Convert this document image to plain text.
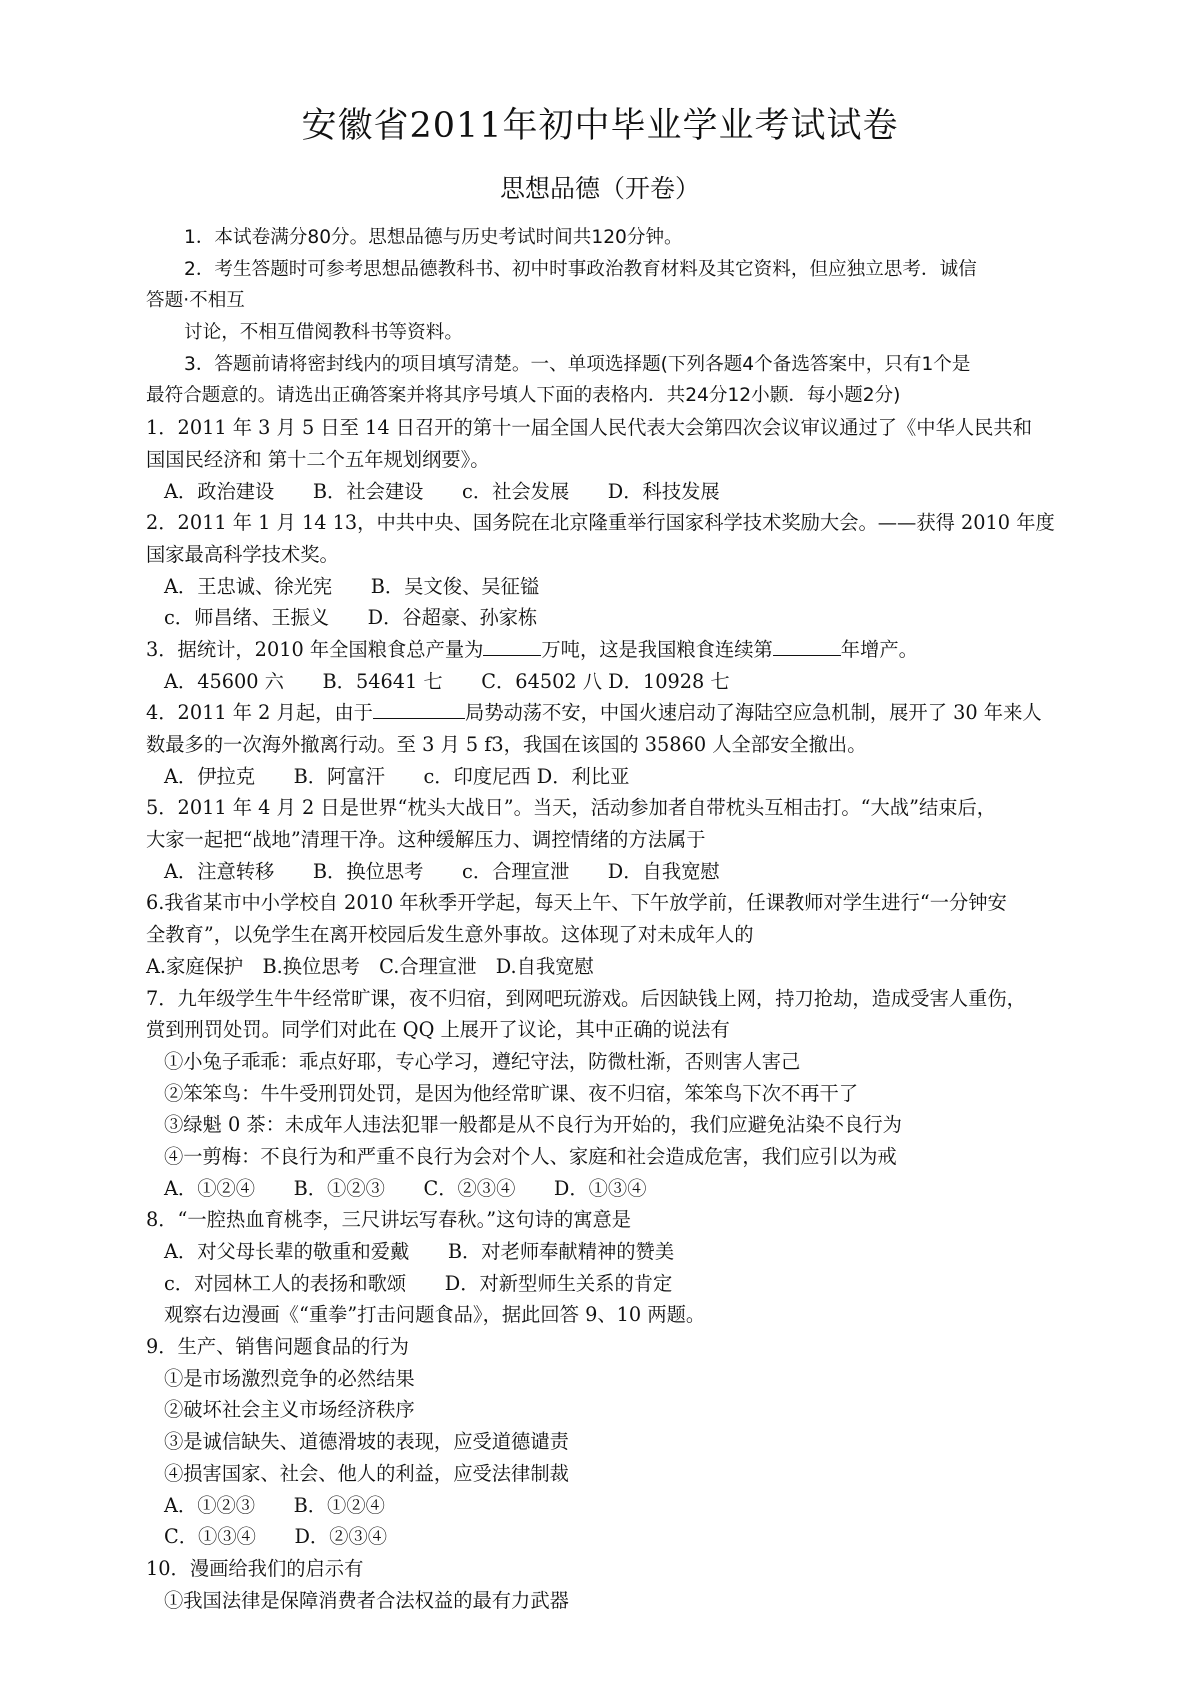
安徽省2011年初中毕业学业考试试卷
思想品德（开卷）
1．本试卷满分80分。思想品德与历史考试时间共120分钟。
2．考生答题时可参考思想品德教科书、初中时事政治教育材料及其它资料，但应独立思考．诚信
答题·不相互
讨论，不相互借阅教科书等资料。
3．答题前请将密封线内的项目填写清楚。一、单项选择题(下列各题4个备选答案中，只有1个是
最符合题意的。请选出正确答案并将其序号填人下面的表格内．共24分12小颢．每小题2分)
1．2011 年 3 月 5 日至 14 日召开的第十一届全国人民代表大会第四次会议审议通过了《中华人民共和
国国民经济和 第十二个五年规划纲要》。
A．政治建设　　B．社会建设　　c．社会发展　　D．科技发展
2．2011 年 1 月 14 13，中共中央、国务院在北京隆重举行国家科学技术奖励大会。——获得 2010 年度
国家最高科学技术奖。
A．王忠诚、徐光宪　　B．吴文俊、吴征镒
c．师昌绪、王振义　　D．谷超豪、孙家栋
3．据统计，2010 年全国粮食总产量为	万吨，这是我国粮食连续第	年增产。
A．45600 六　　B．54641 七　　C．64502 八 D．10928 七
4．2011 年 2 月起，由于	局势动荡不安，中国火速启动了海陆空应急机制，展开了 30 年来人
数最多的一次海外撤离行动。至 3 月 5 f3，我国在该国的 35860 人全部安全撤出。
A．伊拉克　　B．阿富汗　　c．印度尼西 D．利比亚
5．2011 年 4 月 2 日是世界“枕头大战日”。当天，活动参加者自带枕头互相击打。“大战”结束后，
大家一起把“战地”清理干净。这种缓解压力、调控情绪的方法属于
A．注意转移　　B．换位思考　　c．合理宣泄　　D．自我宽慰
6.我省某市中小学校自 2010 年秋季开学起，每天上午、下午放学前，任课教师对学生进行“一分钟安
全教育”，以免学生在离开校园后发生意外事故。这体现了对未成年人的
A.家庭保护　B.换位思考　C.合理宣泄　D.自我宽慰
7．九年级学生牛牛经常旷课，夜不归宿，到网吧玩游戏。后因缺钱上网，持刀抢劫，造成受害人重伤，
赏到刑罚处罚。同学们对此在 QQ 上展开了议论，其中正确的说法有
①小兔子乖乖：乖点好耶，专心学习，遵纪守法，防微杜渐，否则害人害己
②笨笨鸟：牛牛受刑罚处罚，是因为他经常旷课、夜不归宿，笨笨鸟下次不再干了
③绿魁 0 茶：未成年人违法犯罪一般都是从不良行为开始的，我们应避免沾染不良行为
④一剪梅：不良行为和严重不良行为会对个人、家庭和社会造成危害，我们应引以为戒
A．①②④　　B．①②③　　C．②③④　　D．①③④
8．“一腔热血育桃李，三尺讲坛写春秋。”这句诗的寓意是
A．对父母长辈的敬重和爱戴　　B．对老师奉献精神的赞美
c．对园林工人的表扬和歌颂　　D．对新型师生关系的肯定
观察右边漫画《“重拳”打击问题食品》，据此回答 9、10 两题。
9．生产、销售问题食品的行为
①是市场激烈竞争的必然结果
②破坏社会主义市场经济秩序
③是诚信缺失、道德滑坡的表现，应受道德谴责
④损害国家、社会、他人的利益，应受法律制裁
A．①②③　　B．①②④
C．①③④　　D．②③④
10．漫画给我们的启示有
①我国法律是保障消费者合法权益的最有力武器
